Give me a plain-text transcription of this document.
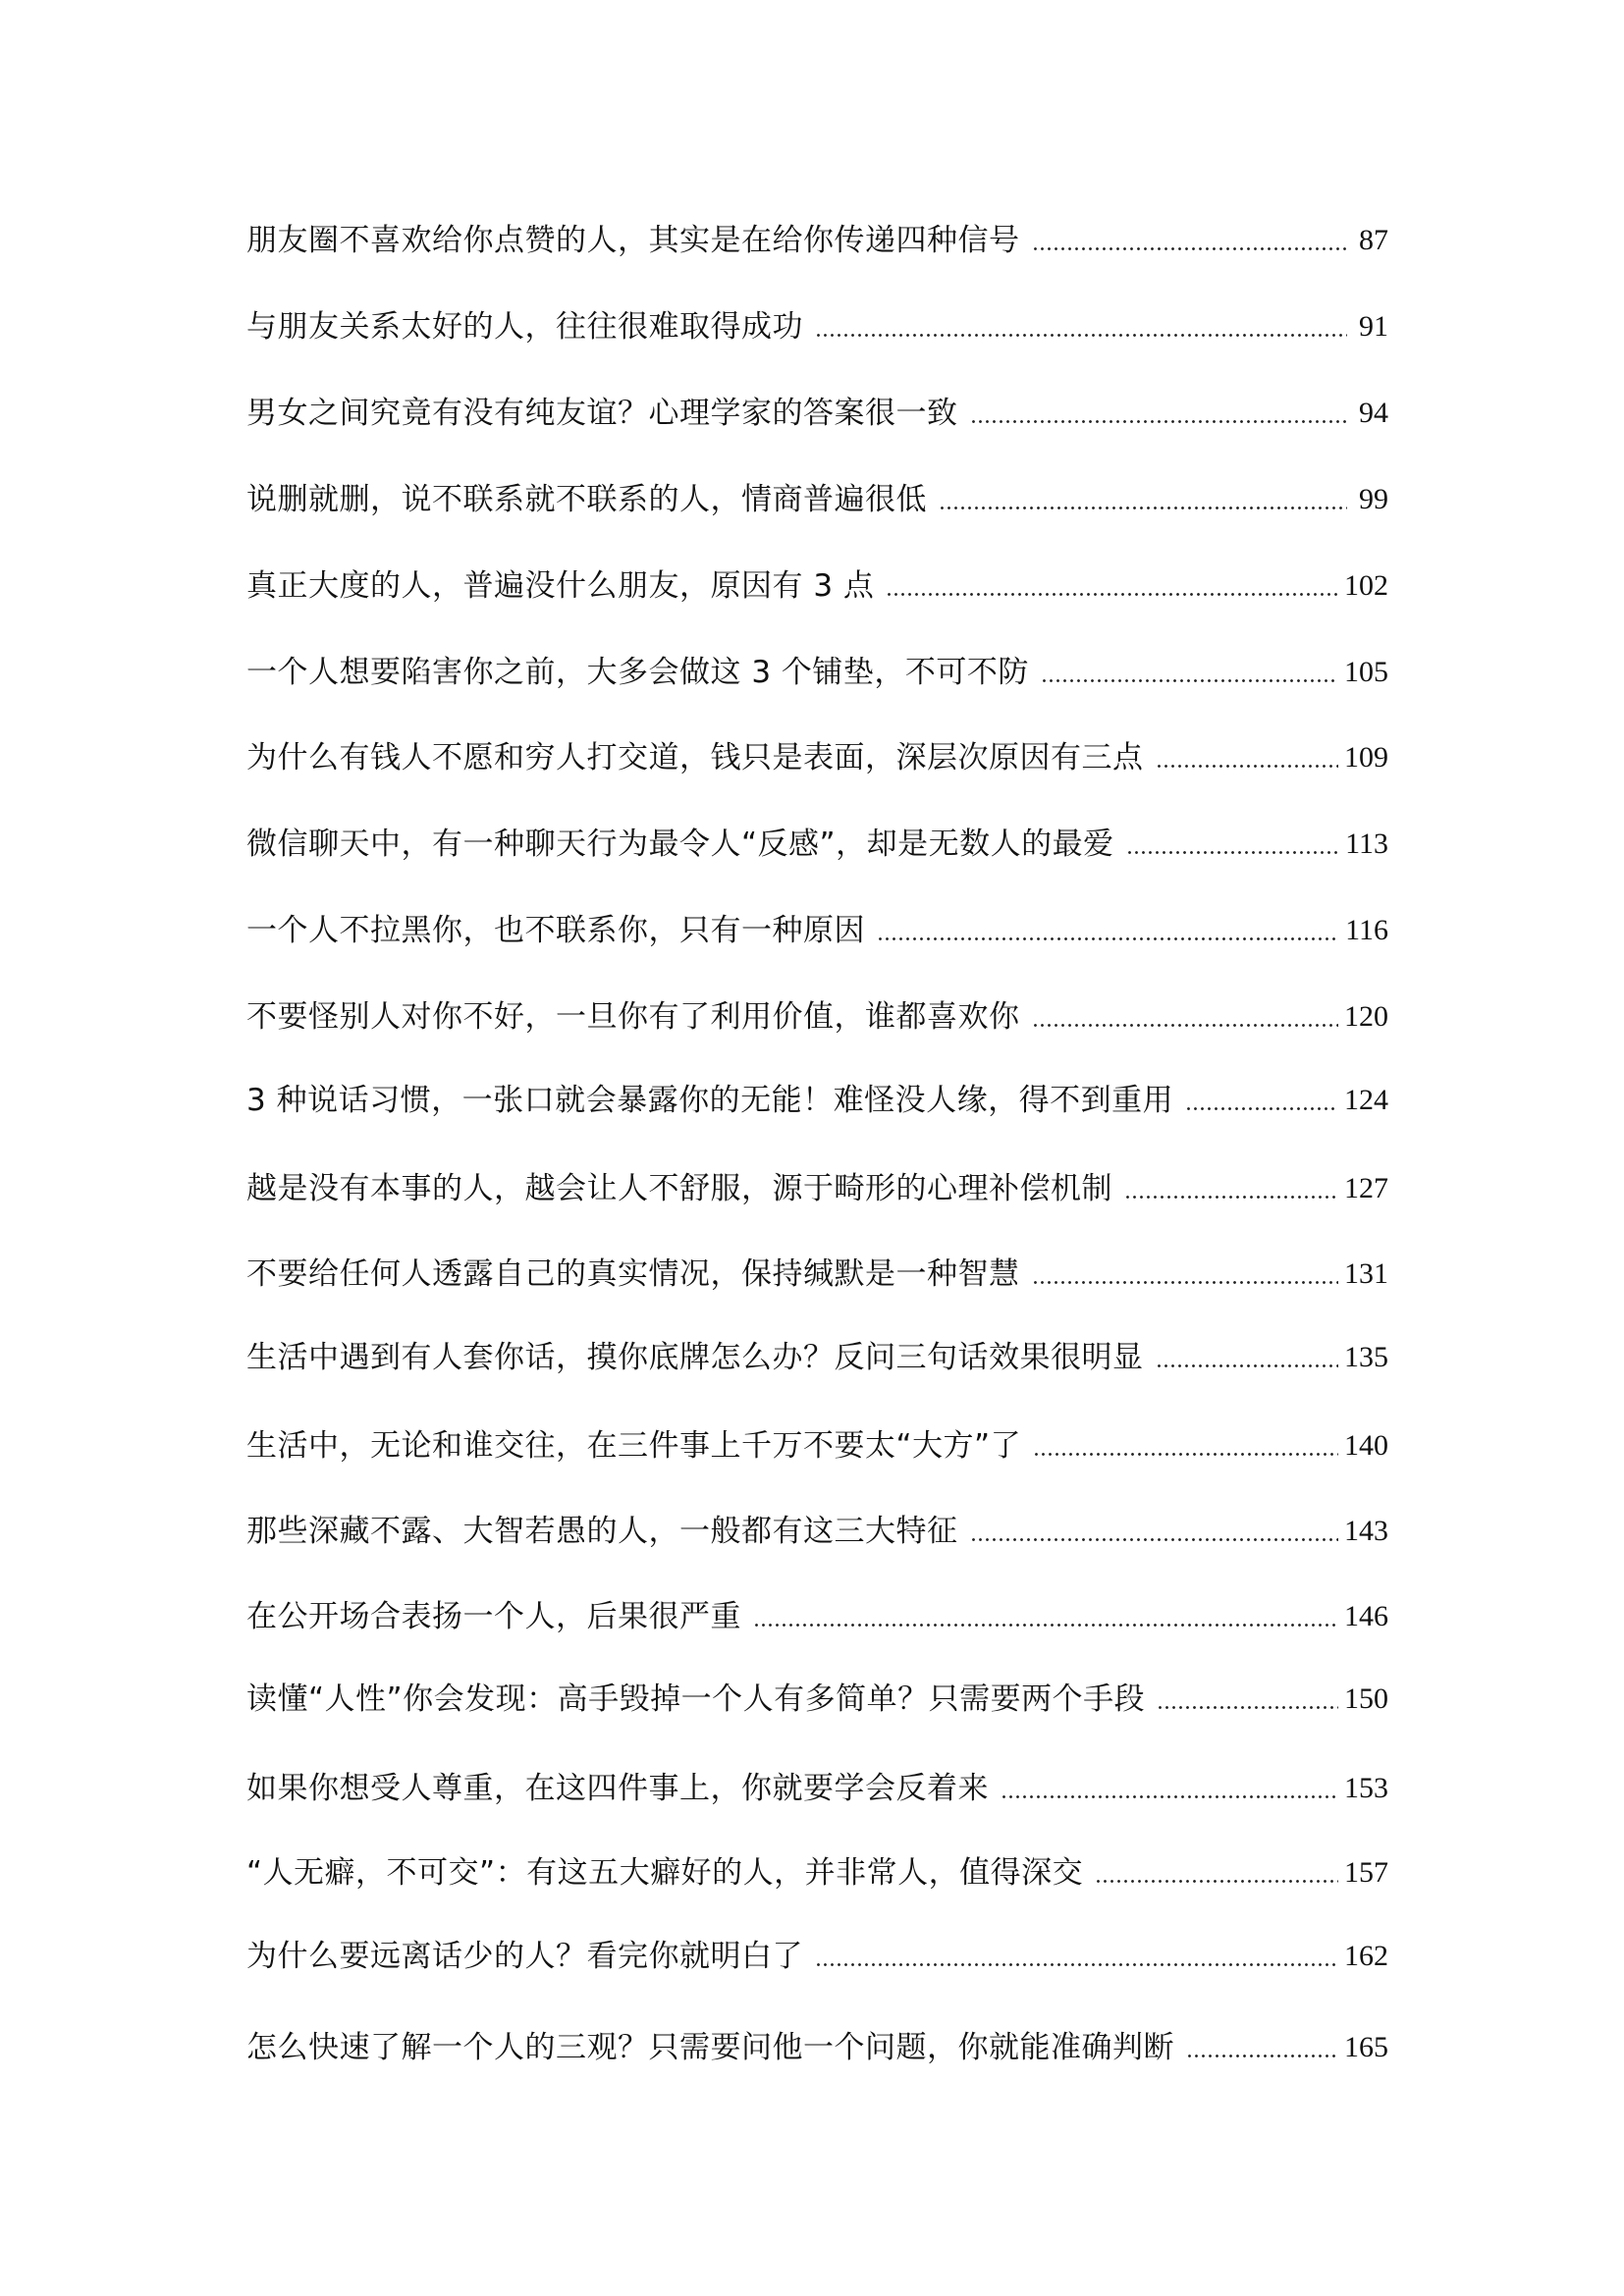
朋友圈不喜欢给你点赞的人，其实是在给你传递四种信号	87
与朋友关系太好的人，往往很难取得成功	91
男女之间究竟有没有纯友谊？心理学家的答案很一致	94
说删就删，说不联系就不联系的人，情商普遍很低	99
真正大度的人，普遍没什么朋友，原因有 3 点	102
一个人想要陷害你之前，大多会做这 3 个铺垫，不可不防	105
为什么有钱人不愿和穷人打交道，钱只是表面，深层次原因有三点	109
微信聊天中，有一种聊天行为最令人“反感”，却是无数人的最爱	113
一个人不拉黑你，也不联系你，只有一种原因	116
不要怪别人对你不好，一旦你有了利用价值，谁都喜欢你	120
3 种说话习惯，一张口就会暴露你的无能！难怪没人缘，得不到重用	124
越是没有本事的人，越会让人不舒服，源于畸形的心理补偿机制	127
不要给任何人透露自己的真实情况，保持缄默是一种智慧	131
生活中遇到有人套你话，摸你底牌怎么办？反问三句话效果很明显	135
生活中，无论和谁交往，在三件事上千万不要太“大方”了	140
那些深藏不露、大智若愚的人，一般都有这三大特征	143
在公开场合表扬一个人，后果很严重	146
读懂“人性”你会发现：高手毁掉一个人有多简单？只需要两个手段	150
如果你想受人尊重，在这四件事上，你就要学会反着来	153
“人无癖，不可交”：有这五大癖好的人，并非常人，值得深交	157
为什么要远离话少的人？看完你就明白了	162
怎么快速了解一个人的三观？只需要问他一个问题，你就能准确判断	165
